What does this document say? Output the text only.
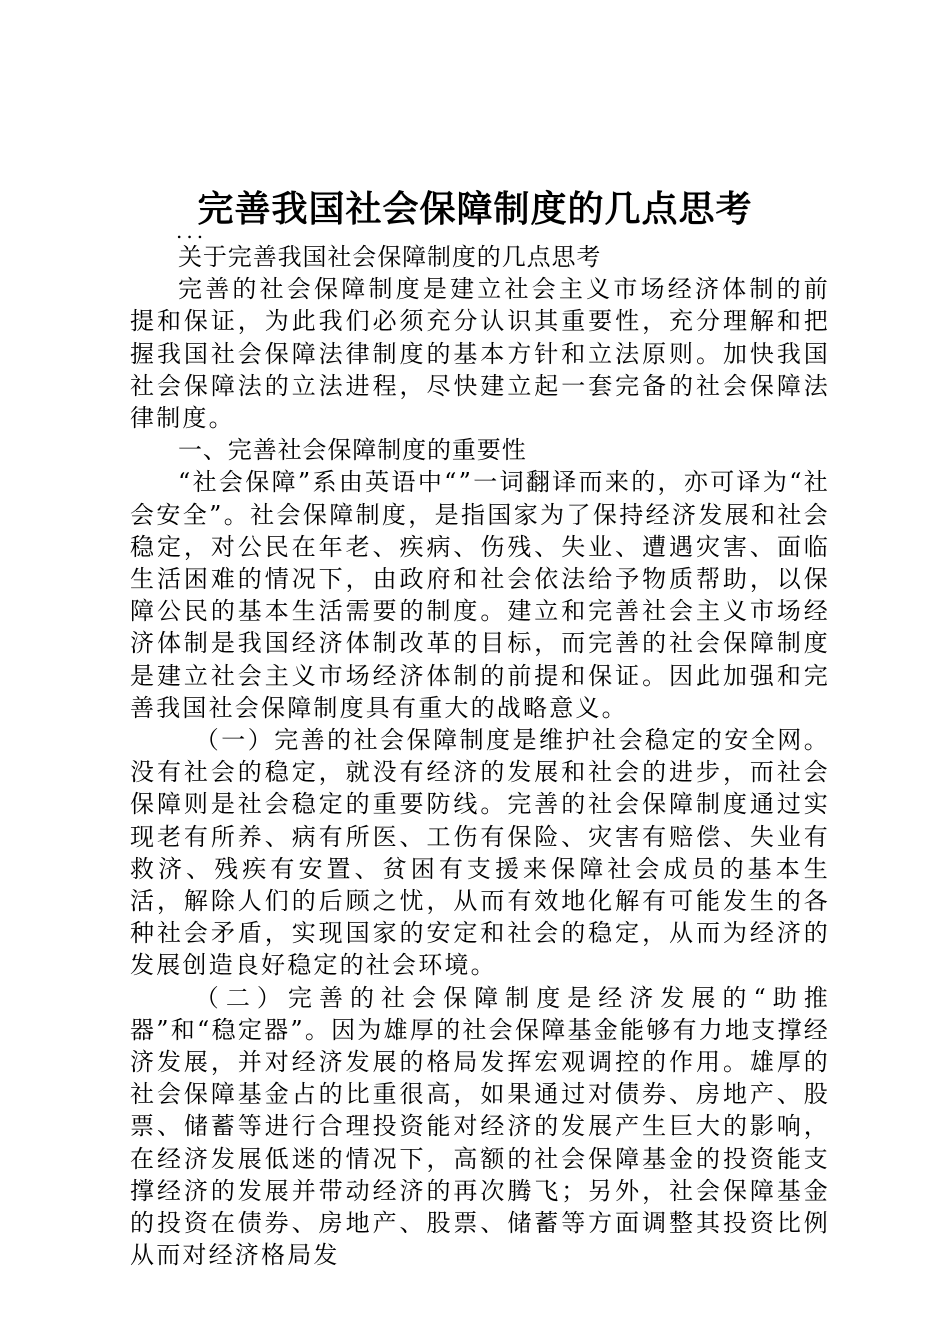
完善我国社会保障制度的几点思考
...

关于完善我国社会保障制度的几点思考

完善的社会保障制度是建立社会主义市场经济体制的前提和保证，为此我们必须充分认识其重要性，充分理解和把握我国社会保障法律制度的基本方针和立法原则。加快我国社会保障法的立法进程，尽快建立起一套完备的社会保障法律制度。

一、完善社会保障制度的重要性

“社会保障”系由英语中“”一词翻译而来的，亦可译为“社会安全”。社会保障制度，是指国家为了保持经济发展和社会稳定，对公民在年老、疾病、伤残、失业、遭遇灾害、面临生活困难的情况下，由政府和社会依法给予物质帮助，以保障公民的基本生活需要的制度。建立和完善社会主义市场经济体制是我国经济体制改革的目标，而完善的社会保障制度是建立社会主义市场经济体制的前提和保证。因此加强和完善我国社会保障制度具有重大的战略意义。

（一）完善的社会保障制度是维护社会稳定的安全网。没有社会的稳定，就没有经济的发展和社会的进步，而社会保障则是社会稳定的重要防线。完善的社会保障制度通过实现老有所养、病有所医、工伤有保险、灾害有赔偿、失业有救济、残疾有安置、贫困有支援来保障社会成员的基本生活，解除人们的后顾之忧，从而有效地化解有可能发生的各种社会矛盾，实现国家的安定和社会的稳定，从而为经济的发展创造良好稳定的社会环境。

（二）完善的社会保障制度是经济发展的“助推器”和“稳定器”。因为雄厚的社会保障基金能够有力地支撑经济发展，并对经济发展的格局发挥宏观调控的作用。雄厚的社会保障基金占的比重很高，如果通过对债券、房地产、股票、储蓄等进行合理投资能对经济的发展产生巨大的影响，在经济发展低迷的情况下，高额的社会保障基金的投资能支撑经济的发展并带动经济的再次腾飞；另外，社会保障基金的投资在债券、房地产、股票、储蓄等方面调整其投资比例从而对经济格局发
